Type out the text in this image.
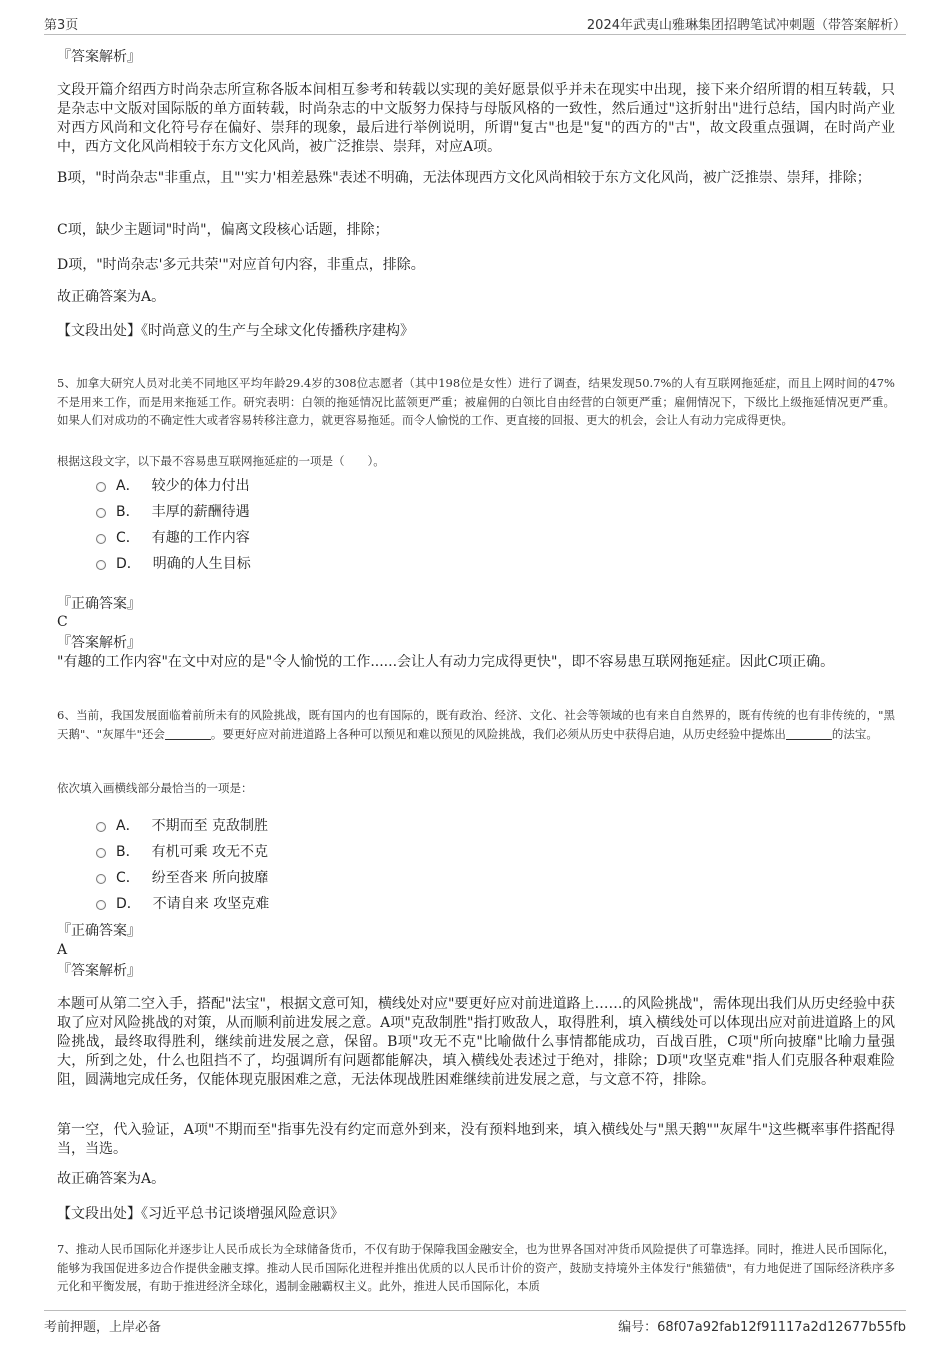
第3页	2024年武夷山雅琳集团招聘笔试冲刺题（带答案解析）
『答案解析』

文段开篇介绍西方时尚杂志所宣称各版本间相互参考和转载以实现的美好愿景似乎并未在现实中出现，接下来介绍所谓的相互转载，只是杂志中文版对国际版的单方面转载，时尚杂志的中文版努力保持与母版风格的一致性，然后通过"这折射出"进行总结，国内时尚产业对西方风尚和文化符号存在偏好、崇拜的现象，最后进行举例说明，所谓"复古"也是"复"的西方的"古"，故文段重点强调，在时尚产业中，西方文化风尚相较于东方文化风尚，被广泛推崇、崇拜，对应A项。

B项，"时尚杂志"非重点，且"'实力'相差悬殊"表述不明确，无法体现西方文化风尚相较于东方文化风尚，被广泛推崇、崇拜，排除；

C项，缺少主题词"时尚"，偏离文段核心话题，排除；

D项，"时尚杂志'多元共荣'"对应首句内容，非重点，排除。

故正确答案为A。

【文段出处】《时尚意义的生产与全球文化传播秩序建构》

5、加拿大研究人员对北美不同地区平均年龄29.4岁的308位志愿者（其中198位是女性）进行了调查，结果发现50.7%的人有互联网拖延症，而且上网时间的47%不是用来工作，而是用来拖延工作。研究表明：白领的拖延情况比蓝领更严重；被雇佣的白领比自由经营的白领更严重；雇佣情况下，下级比上级拖延情况更严重。如果人们对成功的不确定性大或者容易转移注意力，就更容易拖延。而令人愉悦的工作、更直接的回报、更大的机会，会让人有动力完成得更快。

根据这段文字，以下最不容易患互联网拖延症的一项是（　　）。

A． 较少的体力付出
B． 丰厚的薪酬待遇
C． 有趣的工作内容
D． 明确的人生目标
『正确答案』
C
『答案解析』

"有趣的工作内容"在文中对应的是"令人愉悦的工作......会让人有动力完成得更快"，即不容易患互联网拖延症。因此C项正确。

6、当前，我国发展面临着前所未有的风险挑战，既有国内的也有国际的，既有政治、经济、文化、社会等领域的也有来自自然界的，既有传统的也有非传统的，"黑天鹅"、"灰犀牛"还会	。要更好应对前进道路上各种可以预见和难以预见的风险挑战，我们必须从历史中获得启迪，从历史经验中提炼出	的法宝。

依次填入画横线部分最恰当的一项是：

A． 不期而至 克敌制胜
B． 有机可乘 攻无不克
C． 纷至沓来 所向披靡
D． 不请自来 攻坚克难
『正确答案』
A
『答案解析』

本题可从第二空入手，搭配"法宝"，根据文意可知，横线处对应"要更好应对前进道路上……的风险挑战"，需体现出我们从历史经验中获取了应对风险挑战的对策，从而顺利前进发展之意。A项"克敌制胜"指打败敌人，取得胜利，填入横线处可以体现出应对前进道路上的风险挑战，最终取得胜利，继续前进发展之意，保留。B项"攻无不克"比喻做什么事情都能成功，百战百胜，C项"所向披靡"比喻力量强大，所到之处，什么也阻挡不了，均强调所有问题都能解决，填入横线处表述过于绝对，排除；D项"攻坚克难"指人们克服各种艰难险阻，圆满地完成任务，仅能体现克服困难之意，无法体现战胜困难继续前进发展之意，与文意不符，排除。

第一空，代入验证，A项"不期而至"指事先没有约定而意外到来，没有预料地到来，填入横线处与"黑天鹅""灰犀牛"这些概率事件搭配得当，当选。

故正确答案为A。

【文段出处】《习近平总书记谈增强风险意识》

7、推动人民币国际化并逐步让人民币成长为全球储备货币，不仅有助于保障我国金融安全，也为世界各国对冲货币风险提供了可靠选择。同时，推进人民币国际化，能够为我国促进多边合作提供金融支撑。推动人民币国际化进程并推出优质的以人民币计价的资产，鼓励支持境外主体发行"熊猫债"，有力地促进了国际经济秩序多元化和平衡发展，有助于推进经济全球化，遏制金融霸权主义。此外，推进人民币国际化，本质

考前押题，上岸必备	编号：68f07a92fab12f91117a2d12677b55fb
